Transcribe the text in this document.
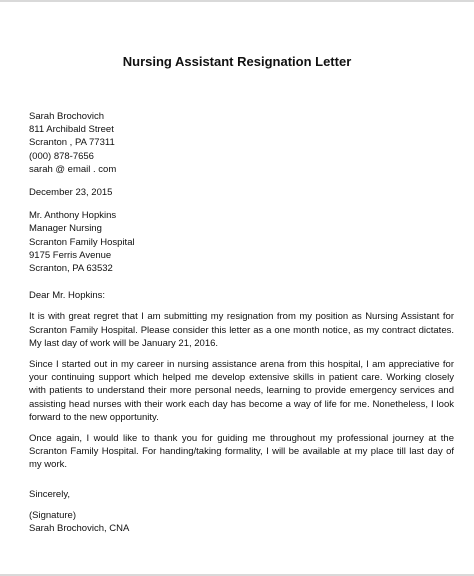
Nursing Assistant Resignation Letter
Sarah Brochovich
811 Archibald Street
Scranton , PA 77311
(000) 878-7656
sarah @ email . com
December 23, 2015
Mr. Anthony Hopkins
Manager Nursing
Scranton Family Hospital
9175 Ferris Avenue
Scranton, PA 63532
Dear Mr. Hopkins:

It is with great regret that I am submitting my resignation from my position as Nursing Assistant for Scranton Family Hospital. Please consider this letter as a one month notice, as my contract dictates. My last day of work will be January 21, 2016.

Since I started out in my career in nursing assistance arena from this hospital, I am appreciative for your continuing support which helped me develop extensive skills in patient care. Working closely with patients to understand their more personal needs, learning to provide emergency services and assisting head nurses with their work each day has become a way of life for me. Nonetheless, I look forward to the new opportunity.

Once again, I would like to thank you for guiding me throughout my professional journey at the Scranton Family Hospital. For handing/taking formality, I will be available at my place till last day of my work.

Sincerely,
(Signature)
Sarah Brochovich, CNA
